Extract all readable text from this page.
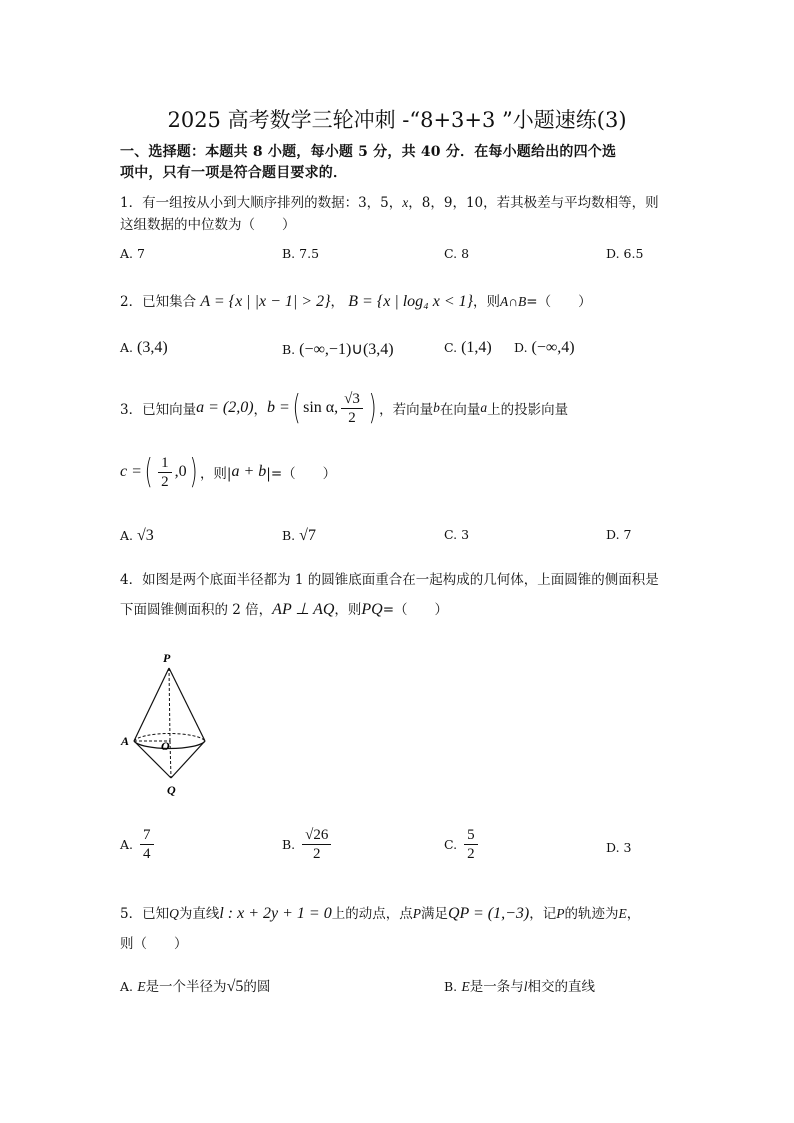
2025 高考数学三轮冲刺 -“8+3+3 ”小题速练(3)
一、选择题：本题共 8 小题，每小题 5 分，共 40 分．在每小题给出的四个选
项中，只有一项是符合题目要求的．
1．有一组按从小到大顺序排列的数据：3，5，x，8，9，10，若其极差与平均数相等，则
这组数据的中位数为（　　）
A. 7	B. 7.5	C. 8	D. 6.5
2．已知集合 A = {x | |x − 1| > 2}， B = {x | log₄ x < 1}，则A∩B=（　　）
A. (3,4)	B. (−∞,−1)∪(3,4)	C. (1,4) D. (−∞,4)
3．已知向量 a = (2,0) ， b = ( sin α, $\frac{√3}{2}$ ) ，若向量 b 在向量 a 上的投影向量
c = ( $\frac{1}{2} ,0$ ) ，则| a + b |=（　　）
A. √3	B. √7	C. 3	D. 7
4．如图是两个底面半径都为 1 的圆锥底面重合在一起构成的几何体，上面圆锥的侧面积是
下面圆锥侧面积的 2 倍，AP ⊥ AQ，则PQ=（　　）
P
A	O
Q
A.
$\frac{7}{4}$	B.
$\frac{√26}{2}$	C.
$\frac{5}{2}$	D. 3
5．已知Q为直线l : x + 2y + 1 = 0上的动点，点P满足QP = (1,−3)，记P的轨迹为E，
则（　　）
A. E是一个半径为√5的圆	B. E是一条与l相交的直线
